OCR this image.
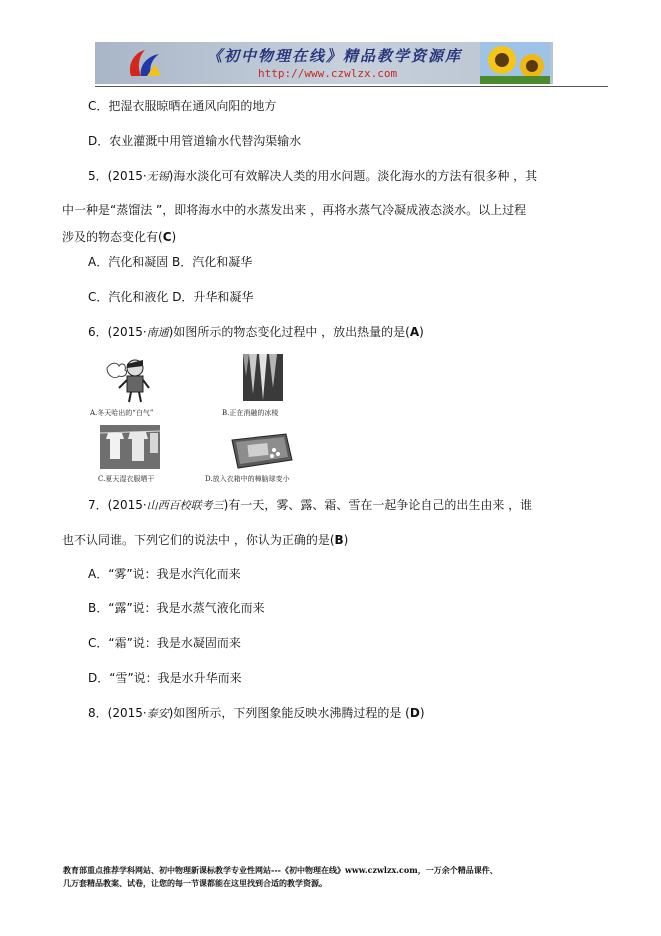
《初中物理在线》精品教学资源库
http://www.czwlzx.com
C．把湿衣服晾晒在通风向阳的地方
D．农业灌溉中用管道输水代替沟渠输水
5．(2015·无锡)海水淡化可有效解决人类的用水问题。淡化海水的方法有很多种 ，其
中一种是“蒸馏法 ”，即将海水中的水蒸发出来 ，再将水蒸气冷凝成液态淡水。以上过程
涉及的物态变化有(C)
A．汽化和凝固 B．汽化和凝华
C．汽化和液化 D．升华和凝华
6．(2015·南通)如图所示的物态变化过程中 ，放出热量的是(A)
A.冬天哈出的“白气”	B.正在消融的冰棱
C.夏天湿衣服晒干	D.放入衣箱中的樟脑球变小
7．(2015·山西百校联考三)有一天，雾、露、霜、雪在一起争论自己的出生由来 ，谁
也不认同谁。下列它们的说法中 ，你认为正确的是(B)
A．“雾”说：我是水汽化而来
B．“露”说：我是水蒸气液化而来
C．“霜”说：我是水凝固而来
D．“雪”说：我是水升华而来
8．(2015·泰安)如图所示，下列图象能反映水沸腾过程的是 (D)
教育部重点推荐学科网站、初中物理新课标教学专业性网站---《初中物理在线》www.czwlzx.com，一万余个精品课件、
几万套精品教案、试卷，让您的每一节课都能在这里找到合适的教学资源。
